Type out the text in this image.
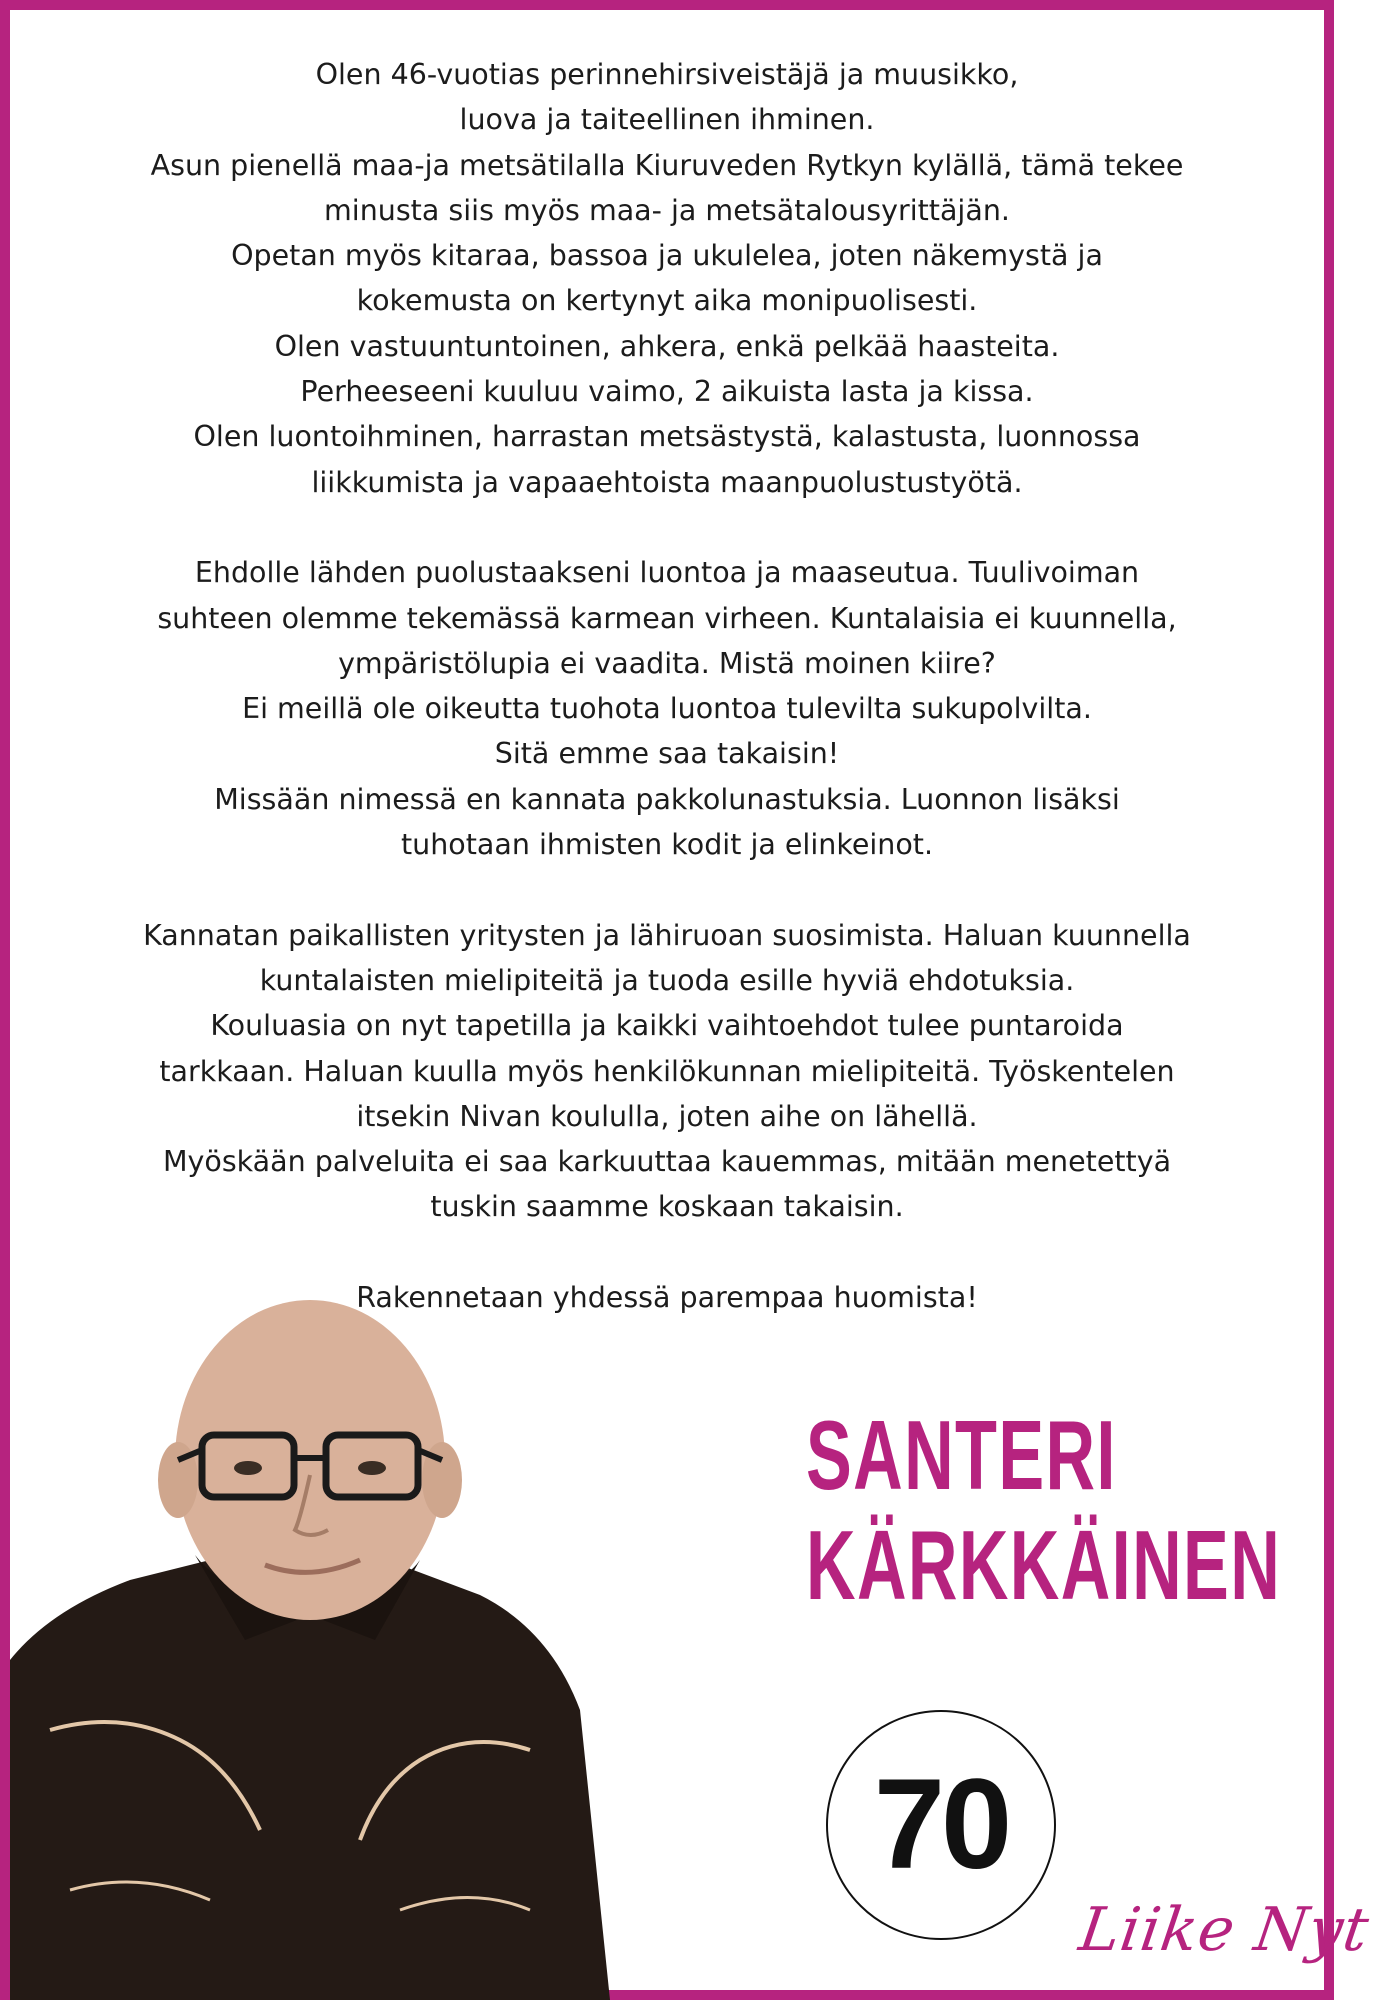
Olen 46-vuotias perinnehirsiveistäjä ja muusikko,
luova ja taiteellinen ihminen.
Asun pienellä maa-ja metsätilalla Kiuruveden Rytkyn kylällä, tämä tekee
minusta siis myös maa- ja metsätalousyrittäjän.
Opetan myös kitaraa, bassoa ja ukulelea, joten näkemystä ja
kokemusta on kertynyt aika monipuolisesti.
Olen vastuuntuntoinen, ahkera, enkä pelkää haasteita.
Perheeseeni kuuluu vaimo, 2 aikuista lasta ja kissa.
Olen luontoihminen, harrastan metsästystä, kalastusta, luonnossa
liikkumista ja vapaaehtoista maanpuolustustyötä.

Ehdolle lähden puolustaakseni luontoa ja maaseutua. Tuulivoiman
suhteen olemme tekemässä karmean virheen. Kuntalaisia ei kuunnella,
ympäristölupia ei vaadita. Mistä moinen kiire?
Ei meillä ole oikeutta tuohota luontoa tulevilta sukupolvilta.
Sitä emme saa takaisin!
Missään nimessä en kannata pakkolunastuksia. Luonnon lisäksi
tuhotaan ihmisten kodit ja elinkeinot.

Kannatan paikallisten yritysten ja lähiruoan suosimista. Haluan kuunnella
kuntalaisten mielipiteitä ja tuoda esille hyviä ehdotuksia.
Kouluasia on nyt tapetilla ja kaikki vaihtoehdot tulee puntaroida
tarkkaan. Haluan kuulla myös henkilökunnan mielipiteitä. Työskentelen
itsekin Nivan koululla, joten aihe on lähellä.
Myöskään palveluita ei saa karkuuttaa kauemmas, mitään menetettyä
tuskin saamme koskaan takaisin.

Rakennetaan yhdessä parempaa huomista!

SANTERI
KÄRKKÄINEN
70
Liike Nyt
